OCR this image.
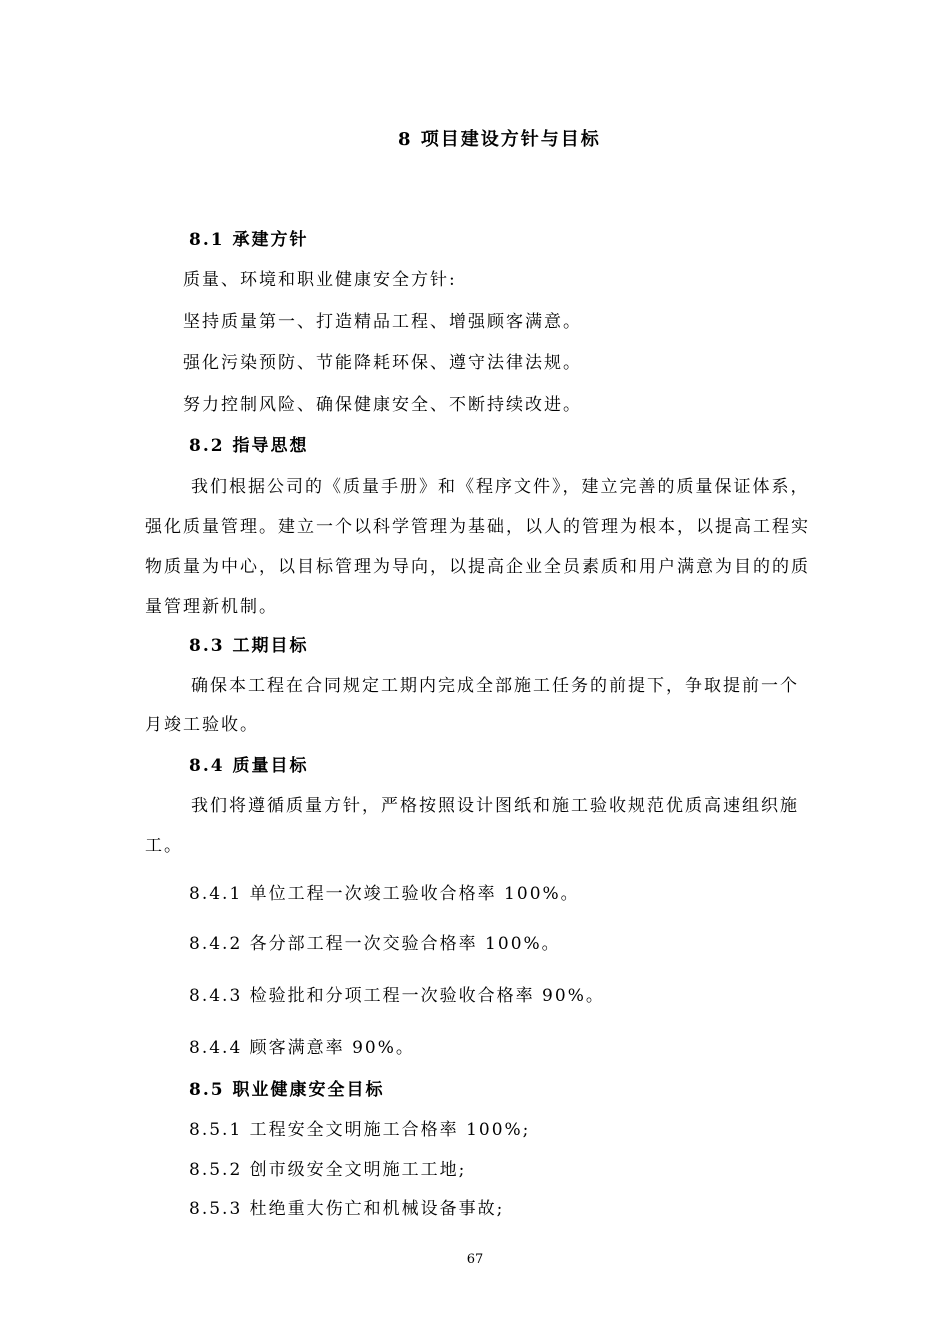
8 项目建设方针与目标
8.1 承建方针
质量、环境和职业健康安全方针:
坚持质量第一、打造精品工程、增强顾客满意。
强化污染预防、节能降耗环保、遵守法律法规。
努力控制风险、确保健康安全、不断持续改进。
8.2 指导思想
我们根据公司的《质量手册》和《程序文件》，建立完善的质量保证体系，
强化质量管理。建立一个以科学管理为基础，以人的管理为根本，以提高工程实
物质量为中心，以目标管理为导向，以提高企业全员素质和用户满意为目的的质
量管理新机制。
8.3 工期目标
确保本工程在合同规定工期内完成全部施工任务的前提下，争取提前一个
月竣工验收。
8.4 质量目标
我们将遵循质量方针，严格按照设计图纸和施工验收规范优质高速组织施
工。
8.4.1 单位工程一次竣工验收合格率 100%。
8.4.2 各分部工程一次交验合格率 100%。
8.4.3 检验批和分项工程一次验收合格率 90%。
8.4.4 顾客满意率 90%。
8.5 职业健康安全目标
8.5.1 工程安全文明施工合格率 100%;
8.5.2 创市级安全文明施工工地;
8.5.3 杜绝重大伤亡和机械设备事故;
67
